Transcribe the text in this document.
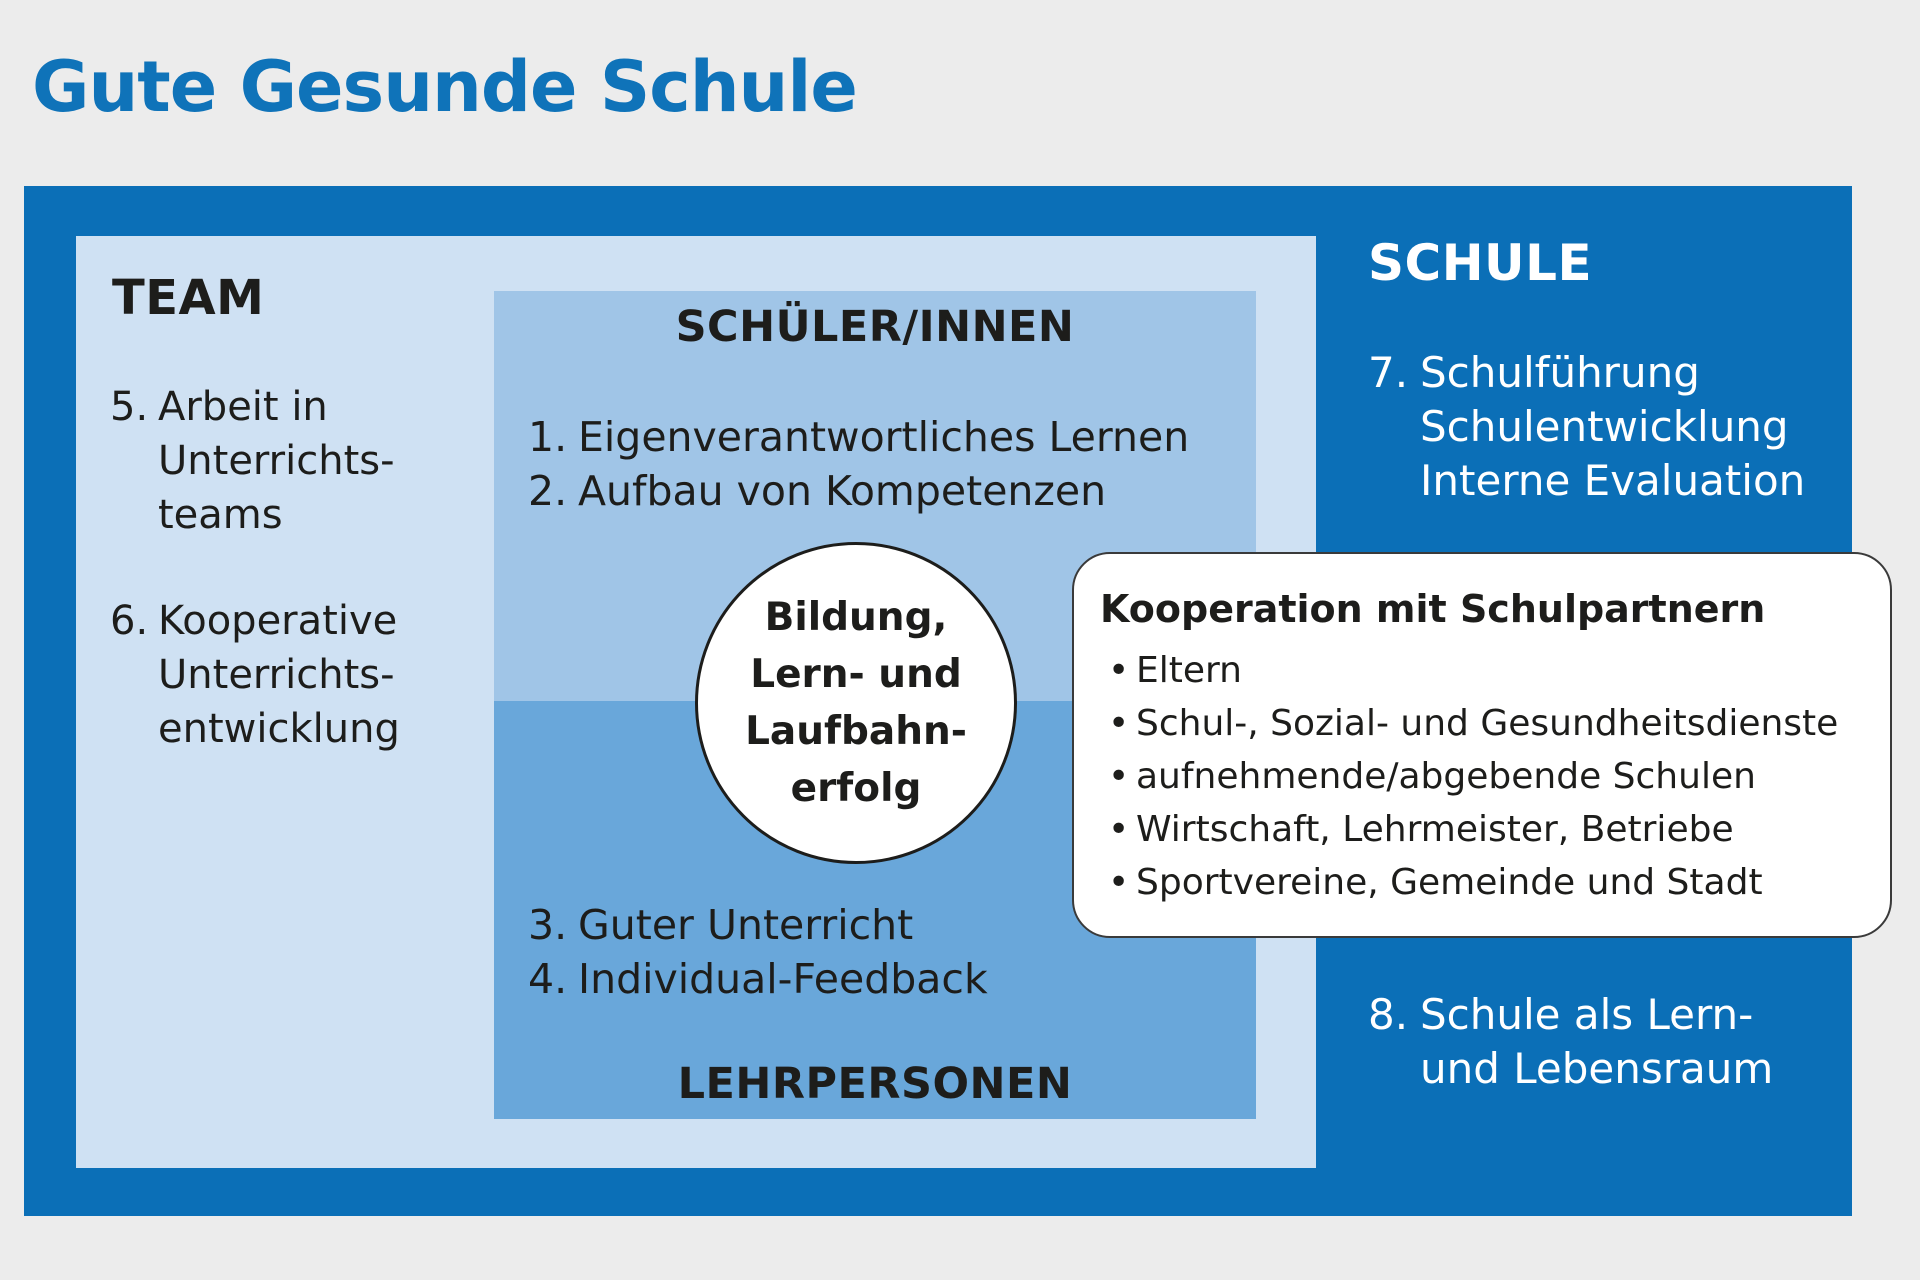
Gute Gesunde Schule
TEAM
5. Arbeit in
Unterrichts-
teams
6. Kooperative
Unterrichts-
entwicklung
SCHÜLER/INNEN
1. Eigenverantwortliches Lernen
2. Aufbau von Kompetenzen
3. Guter Unterricht
4. Individual-Feedback
LEHRPERSONEN
Bildung,
Lern- und
Laufbahn-
erfolg
SCHULE
7. Schulführung
Schulentwicklung
Interne Evaluation
8. Schule als Lern-
und Lebensraum
Kooperation mit Schulpartnern
• Eltern
• Schul-, Sozial- und Gesundheitsdienste
• aufnehmende/abgebende Schulen
• Wirtschaft, Lehrmeister, Betriebe
• Sportvereine, Gemeinde und Stadt
